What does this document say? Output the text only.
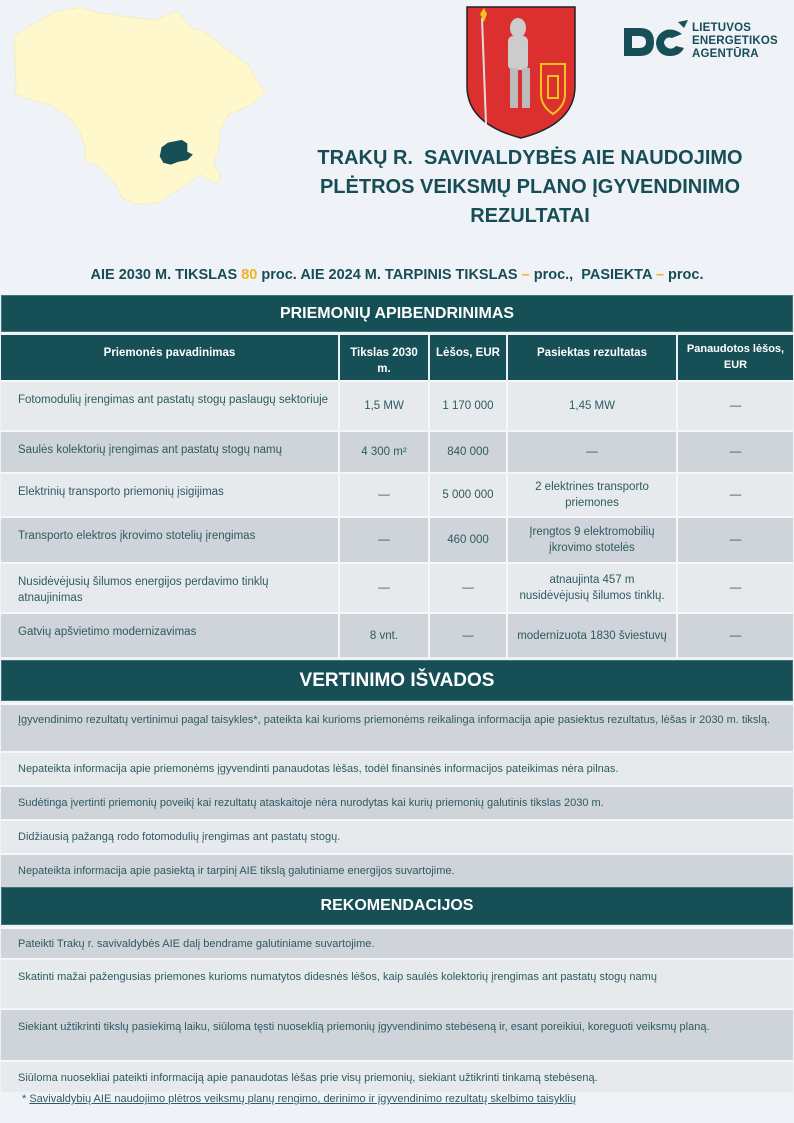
LIETUVOS
ENERGETIKOS
AGENTŪRA
TRAKŲ R.  SAVIVALDYBĖS AIE NAUDOJIMO
PLĖTROS VEIKSMŲ PLANO ĮGYVENDINIMO
REZULTATAI
AIE 2030 M. TIKSLAS 80 proc. AIE 2024 M. TARPINIS TIKSLAS – proc.,  PASIEKTA – proc.
PRIEMONIŲ APIBENDRINIMAS
Priemonės pavadinimas	Tikslas 2030 m.	Lėšos, EUR	Pasiektas rezultatas	Panaudotos lėšos, EUR
Fotomodulių įrengimas ant pastatų stogų paslaugų sektoriuje	1,5 MW	1 170 000	1,45 MW	—
Saulės kolektorių įrengimas ant pastatų stogų namų	4 300 m²	840 000	—	—
Elektrinių transporto priemonių įsigijimas	—	5 000 000	2 elektrines transporto priemones	—
Transporto elektros įkrovimo stotelių įrengimas	—	460 000	Įrengtos 9 elektromobilių įkrovimo stotelės	—
Nusidėvėjusių šilumos energijos perdavimo tinklų atnaujinimas	—	—	atnaujinta 457 m nusidėvėjusių šilumos tinklų.	—
Gatvių apšvietimo modernizavimas	8 vnt.	—	modernizuota 1830 šviestuvų	—
VERTINIMO IŠVADOS
Įgyvendinimo rezultatų vertinimui pagal taisykles*, pateikta kai kurioms priemonėms reikalinga informacija apie pasiektus rezultatus, lėšas ir 2030 m. tikslą.
Nepateikta informacija apie priemonėms įgyvendinti panaudotas lėšas, todėl finansinės informacijos pateikimas nėra pilnas.
Sudėtinga įvertinti priemonių poveikį kai rezultatų ataskaitoje nėra nurodytas kai kurių priemonių galutinis tikslas 2030 m.
Didžiausią pažangą rodo fotomodulių įrengimas ant pastatų stogų.
Nepateikta informacija apie pasiektą ir tarpinį AIE tikslą galutiniame energijos suvartojime.
REKOMENDACIJOS
Pateikti Trakų r. savivaldybės AIE dalį bendrame galutiniame suvartojime.
Skatinti mažai pažengusias priemones kurioms numatytos didesnės lėšos, kaip saulės kolektorių įrengimas ant pastatų stogų namų
Siekiant užtikrinti tikslų pasiekimą laiku, siūloma tęsti nuoseklią priemonių įgyvendinimo stebėseną ir, esant poreikiui, koreguoti veiksmų planą.
Siūloma nuosekliai pateikti informaciją apie panaudotas lėšas prie visų priemonių, siekiant užtikrinti tinkamą stebėseną.
* Savivaldybių AIE naudojimo plėtros veiksmų planų rengimo, derinimo ir įgyvendinimo rezultatų skelbimo taisyklių
